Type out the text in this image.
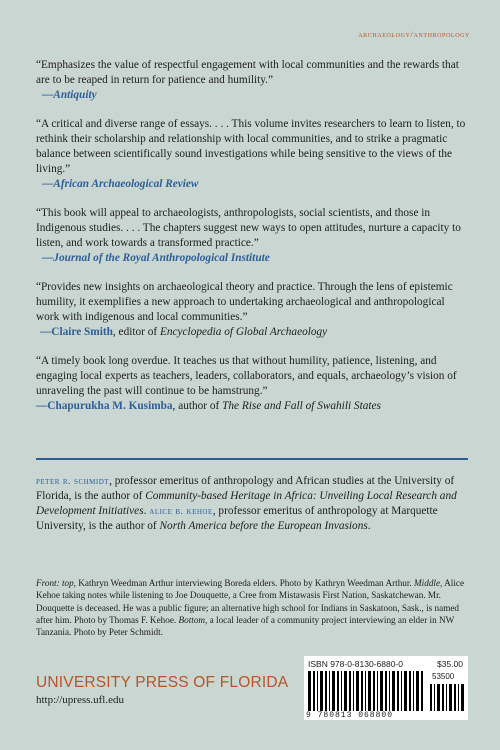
archaeology/anthropology

“Emphasizes the value of respectful engagement with local communities and the rewards that are to be reaped in return for patience and humility.”

—Antiquity

“A critical and diverse range of essays. . . . This volume invites researchers to learn to listen, to rethink their scholarship and relationship with local communities, and to strike a pragmatic balance between scientifically sound investigations while being sensitive to the views of the living.”

—African Archaeological Review

“This book will appeal to archaeologists, anthropologists, social scientists, and those in Indigenous studies. . . . The chapters suggest new ways to open attitudes, nurture a capacity to listen, and work towards a transformed practice.”

—Journal of the Royal Anthropological Institute

“Provides new insights on archaeological theory and practice. Through the lens of epistemic humility, it exemplifies a new approach to undertaking archaeological and anthropological work with indigenous and local communities.”

—Claire Smith, editor of Encyclopedia of Global Archaeology

“A timely book long overdue. It teaches us that without humility, patience, listening, and engaging local experts as teachers, leaders, collaborators, and equals, archaeology’s vision of unraveling the past will continue to be hamstrung.”

—Chapurukha M. Kusimba, author of The Rise and Fall of Swahili States

peter r. schmidt, professor emeritus of anthropology and African studies at the University of Florida, is the author of Community-based Heritage in Africa: Unveiling Local Research and Development Initiatives. alice b. kehoe, professor emeritus of anthropology at Marquette University, is the author of North America before the European Invasions.

Front: top, Kathryn Weedman Arthur interviewing Boreda elders. Photo by Kathryn Weedman Arthur. Middle, Alice Kehoe taking notes while listening to Joe Douquette, a Cree from Mistawasis First Nation, Saskatchewan. Mr. Douquette is deceased. He was a public figure; an alternative high school for Indians in Saskatoon, Sask., is named after him. Photo by Thomas F. Kehoe. Bottom, a local leader of a community project interviewing an elder in NW Tanzania. Photo by Peter Schmidt.

UNIVERSITY PRESS OF FLORIDA
http://upress.ufl.edu
ISBN 978-0-8130-6880-0	$35.00
53500
9 780813 068800
